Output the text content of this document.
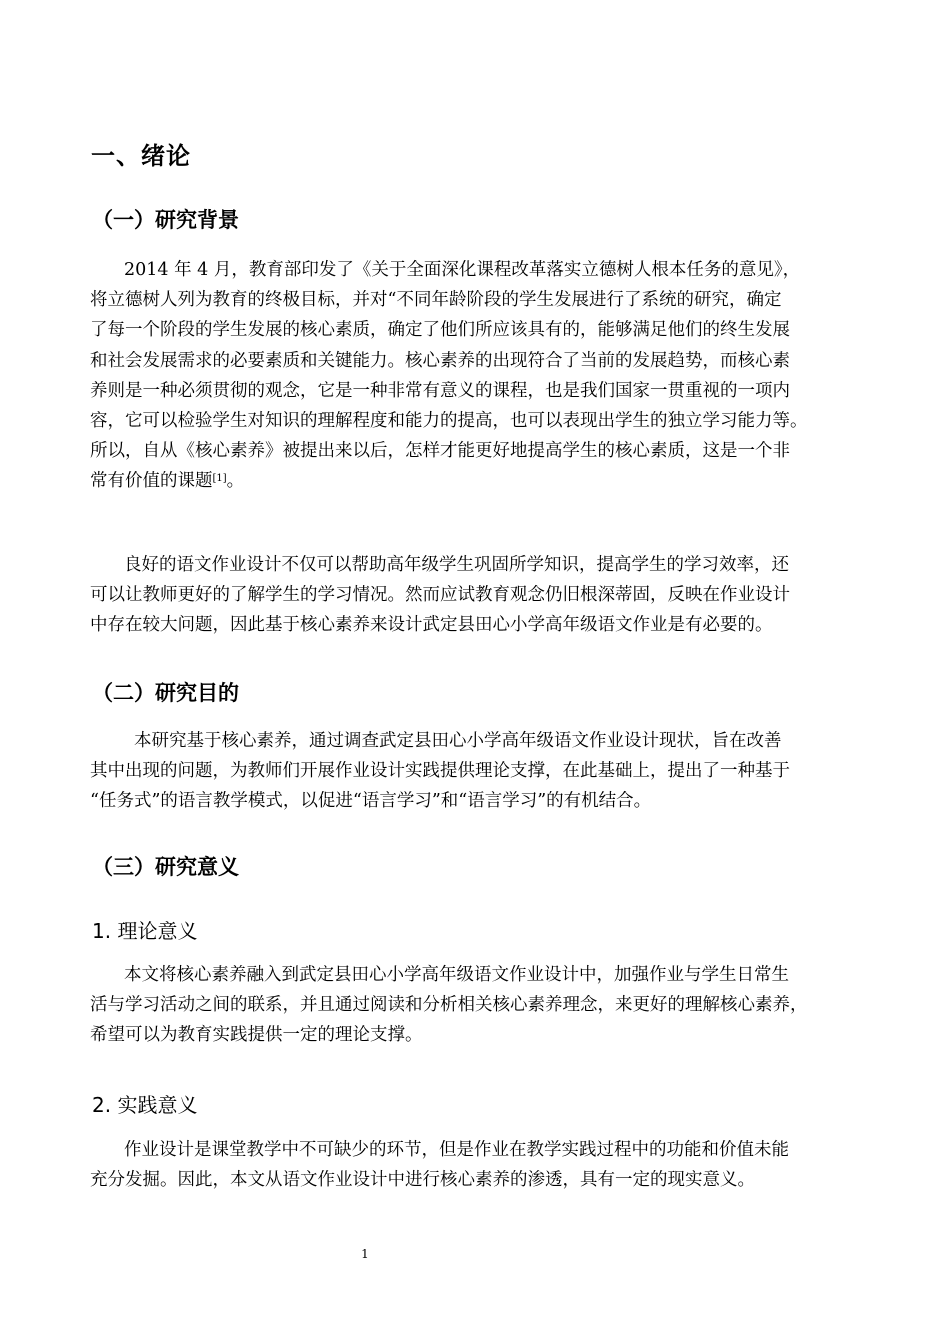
一、绪论
（一）研究背景
2014 年 4 月，教育部印发了《关于全面深化课程改革落实立德树人根本任务的意见》，
将立德树人列为教育的终极目标，并对“不同年龄阶段的学生发展进行了系统的研究，确定
了每一个阶段的学生发展的核心素质，确定了他们所应该具有的，能够满足他们的终生发展
和社会发展需求的必要素质和关键能力。核心素养的出现符合了当前的发展趋势，而核心素
养则是一种必须贯彻的观念，它是一种非常有意义的课程，也是我们国家一贯重视的一项内
容，它可以检验学生对知识的理解程度和能力的提高，也可以表现出学生的独立学习能力等。
所以，自从《核心素养》被提出来以后，怎样才能更好地提高学生的核心素质，这是一个非
常有价值的课题[1]。
良好的语文作业设计不仅可以帮助高年级学生巩固所学知识，提高学生的学习效率，还
可以让教师更好的了解学生的学习情况。然而应试教育观念仍旧根深蒂固，反映在作业设计
中存在较大问题，因此基于核心素养来设计武定县田心小学高年级语文作业是有必要的。
（二）研究目的
本研究基于核心素养，通过调查武定县田心小学高年级语文作业设计现状，旨在改善
其中出现的问题，为教师们开展作业设计实践提供理论支撑，在此基础上，提出了一种基于
“任务式”的语言教学模式，以促进“语言学习”和“语言学习”的有机结合。
（三）研究意义
1. 理论意义
本文将核心素养融入到武定县田心小学高年级语文作业设计中，加强作业与学生日常生
活与学习活动之间的联系，并且通过阅读和分析相关核心素养理念，来更好的理解核心素养，
希望可以为教育实践提供一定的理论支撑。
2. 实践意义
作业设计是课堂教学中不可缺少的环节，但是作业在教学实践过程中的功能和价值未能
充分发掘。因此，本文从语文作业设计中进行核心素养的渗透，具有一定的现实意义。
1
